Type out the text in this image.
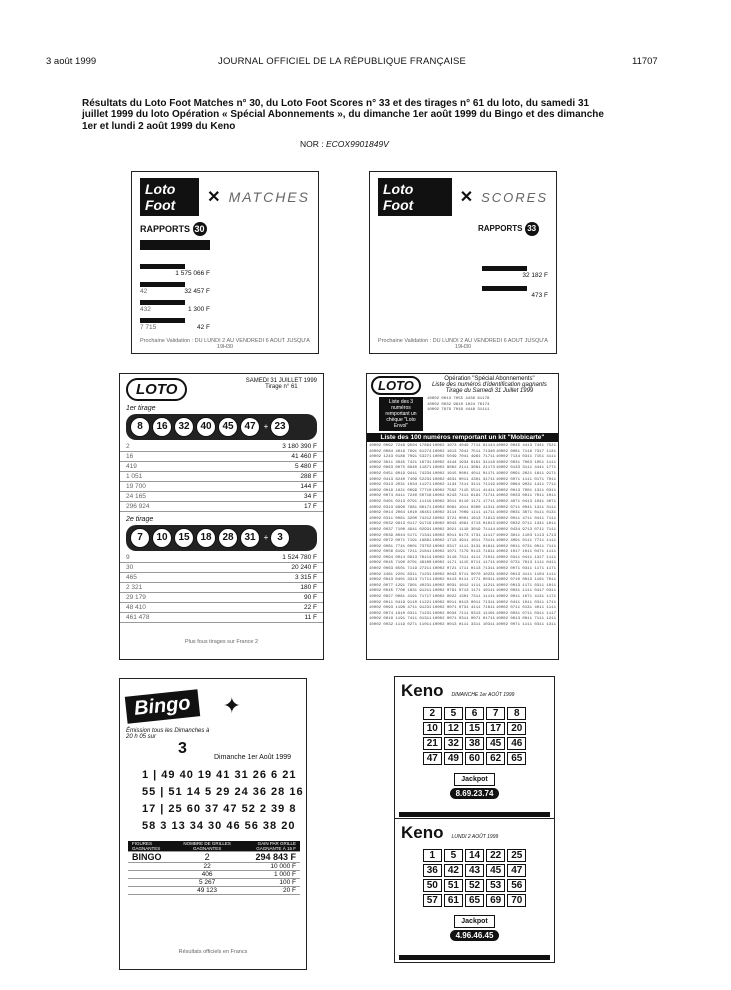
3 août 1999	JOURNAL OFFICIEL DE LA RÉPUBLIQUE FRANÇAISE	11707
Résultats du Loto Foot Matches n° 30, du Loto Foot Scores n° 33 et des tirages n° 61 du loto, du samedi 31 juillet 1999 du loto Opération « Spécial Abonnements », du dimanche 1er août 1999 du Bingo et des dimanche 1er et lundi 2 août 1999 du Keno
NOR : ECOX9901849V
Loto Foot	✕ MATCHES
RAPPORTS 30
1 575 066 F
42	32 457 F
432	1 300 F
7 715	42 F
Prochaine Validation : DU LUNDI 2 AU VENDREDI 6 AOUT JUSQU'A 19H30
Loto Foot	✕ SCORES
RAPPORTS 33
32 182 F
473 F
Prochaine Validation : DU LUNDI 2 AU VENDREDI 6 AOUT JUSQU'A 19H30
LOTO	SAMEDI 31 JUILLET 1999
Tirage n° 61
1er tirage
8 16 32 40 45 47 + 23
2	3 180 390 F
16	41 460 F
419	5 480 F
1 051	288 F
19 700	144 F
24 165	34 F
296 924	17 F
2e tirage
7 10 15 18 28 31 + 3
9	1 524 780 F
30	20 240 F
465	3 315 F
2 321	180 F
29 179	90 F
48 410	22 F
461 478	11 F
Plus fous tirages sur France 2
LOTO	Opération "Spécial Abonnements"
Liste des numéros d'identification gagnants
Tirage du Samedi 31 Juillet 1999
Liste des 3 numéros remportant un chèque "Loto Envol"
10002 0013 7055 4436 61178
10002 0032 9910 1024 76174
10002 7879 7049 4448 31111
Liste des 100 numéros remportant un kit "Mobicarte"
10002 0092 7249 9504 17894
10002 0084 4019 7991 61274
10002 1243 0186 7091 53271
10002 3011 3045 7421 16731
10002 0063 0075 6940 11871
10002 0451 6019 9441 74234
10002 0413 8240 7409 52231
10002 0313 2031 1034 11271
10002 0019 1921 0099 77710
10002 0074 8411 7240 50716
10002 0401 0213 0791 11119
10002 0313 6990 7981 66171
10002 0014 2064 1010 46451
10002 0311 0061 3200 74212
10002 0032 9913 0117 91719
10002 0037 7100 4941 02931
10002 0039 8044 5171 71341
10002 0072 0071 7191 19891
10002 0081 7741 0001 73752
10002 0056 6191 7211 21841
10002 0094 0014 0913 76114
10002 0045 7190 8701 48100
10002 0063 6501 7119 27211
10002 2461 2201 8311 71231
10002 0043 0401 3313 71711
10002 0077 1291 7901 40231
10002 0045 7700 1831 91211
10002 0027 0081 4191 71717
10002 0011 0419 9110 11221
10002 0093 1190 4711 91231
10002 0074 1910 0311 71231
10002 0019 1191 7411 01311
10002 0032 1119 0271 11011
10002 1073 4049 7711 91144
10002 1613 7641 7511 71340
10002 5049 7041 4961 71711
10002 4444 1934 6191 31118
10002 8062 2111 3081 21173
10002 1015 0001 4011 01171
10002 4631 0011 4301 31711
10002 1134 7411 3111 71119
10002 7562 7115 5511 41411
10002 0243 7411 6191 71711
10002 3011 0110 1171 17711
10002 0081 1011 0300 11311
10002 3114 7009 1111 11711
10002 3721 0001 1613 71913
10002 0043 4091 4713 01013
10002 3021 1118 3019 71114
10002 0011 6173 1731 11117
10002 1713 4911 1011 73111
10002 0317 1111 3131 01611
10002 1071 7179 0113 71911
10002 3116 7311 4111 71011
10002 1171 1115 0711 11711
10002 0721 1711 0113 71311
10002 0043 0711 0070 10231
10002 0413 0111 1771 00311
10002 0031 1012 1111 11211
10002 0791 0713 1171 10111
10002 0022 1301 7311 11111
10002 0011 0413 0011 71311
10002 0071 0731 4111 71611
10002 0034 7111 0313 11101
10002 0071 0311 0071 01711
10002 0013 0111 3311 10311
10002 0045 4413 7441 7521
10002 0081 7116 7317 1131
10002 7134 0311 7151 4111
10002 0031 7063 1051 1111
10002 0133 3111 4441 1771
10002 0091 2021 1611 9171
10002 0071 1111 0171 7011
10002 0064 9031 1411 7711
10002 0013 7001 1311 0311
10002 0033 0011 7011 1011
10002 4071 0413 1041 4071
10002 0711 0041 1311 3111
10002 0031 3071 0111 0131
10002 0011 4711 0411 7111
10002 0032 0711 1341 1011
10002 0434 9713 0711 7111
10002 3011 1103 1113 1713
10002 4091 0111 7711 1111
10002 0011 0731 0011 7111
10002 1017 1011 0471 1111
10002 0311 0411 1317 1111
10002 0731 7013 1111 0411
10002 0071 0311 1171 1171
10002 0013 4111 1104 1111
10002 0710 0013 1101 7011
10002 0013 1171 0311 1011
10002 0031 1111 0417 0311
10002 0011 1071 4131 1171
10002 0411 1011 0311 1711
10002 0711 0131 4011 1111
10002 0031 0711 0311 1117
10002 0013 0011 7111 1211
10002 0071 1111 0311 1311
Bingo	✦
Émission tous les Dimanches à 20 h 05 sur
3
Dimanche 1er Août 1999
1 | 49 40 19 41 31 26 6 21
55 | 51 14 5 29 24 36 28 16
17 | 25 60 37 47 52 2 39 8
58 3 13 34 30 46 56 38 20
FIGURES GAGNANTES	NOMBRE DE GRILLES GAGNANTES	GAIN PAR GRILLE GAGNANTE À 15 F
BINGO	2	294 843 F
	22	10 000 F
	406	1 000 F
	5 267	100 F
	49 123	20 F
Résultats officiels en Francs
Keno DIMANCHE 1er AOÛT 1999
2	5	6	7	8
10	12	15	17	20
21	32	38	45	46
47	49	60	62	65
Jackpot
8.69.23.74
Keno LUNDI 2 AOÛT 1999
1	5	14	22	25
36	42	43	45	47
50	51	52	53	56
57	61	65	69	70
Jackpot
4.96.46.45
